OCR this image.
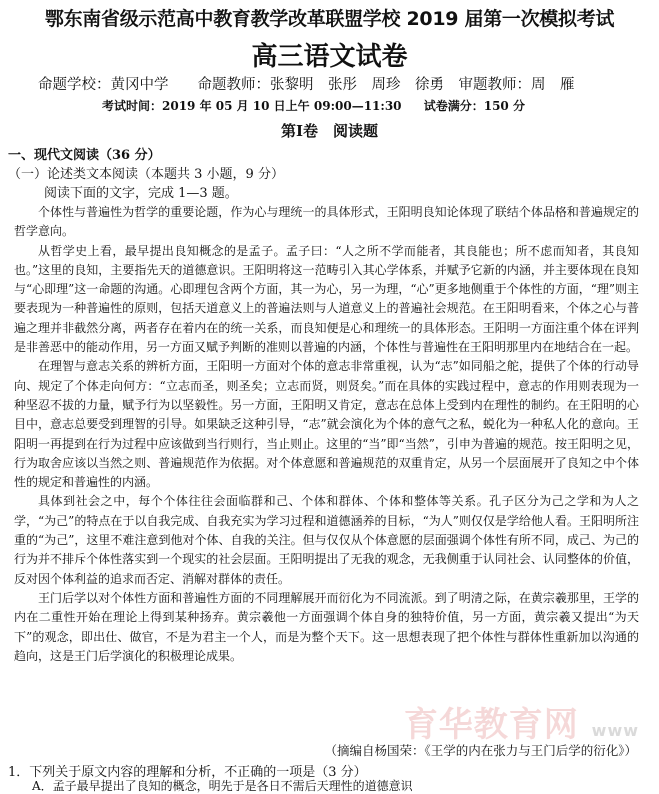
鄂东南省级示范高中教育教学改革联盟学校 2019 届第一次模拟考试
高三语文试卷
命题学校：黄冈中学　　命题教师：张黎明　张彤　周珍　徐勇　审题教师：周　雁
考试时间：2019 年 05 月 10 日上午 09:00—11:30 试卷满分：150 分
第Ⅰ卷　阅读题
一、现代文阅读（36 分）
（一）论述类文本阅读（本题共 3 小题，9 分）
阅读下面的文字，完成 1—3 题。

个体性与普遍性为哲学的重要论题，作为心与理统一的具体形式，王阳明良知论体现了联结个体品格和普遍规定的哲学意向。

从哲学史上看，最早提出良知概念的是孟子。孟子曰：“人之所不学而能者，其良能也；所不虑而知者，其良知也。”这里的良知，主要指先天的道德意识。王阳明将这一范畴引入其心学体系，并赋予它新的内涵，并主要体现在良知与“心即理”这一命题的沟通。心即理包含两个方面，其一为心，另一为理，“心”更多地侧重于个体性的方面，“理”则主要表现为一种普遍性的原则，包括天道意义上的普遍法则与人道意义上的普遍社会规范。在王阳明看来，个体之心与普遍之理并非截然分离，两者存在着内在的统一关系，而良知便是心和理统一的具体形态。王阳明一方面注重个体在评判是非善恶中的能动作用，另一方面又赋予判断的准则以普遍的内涵，个体性与普遍性在王阳明那里内在地结合在一起。

在理智与意志关系的辨析方面，王阳明一方面对个体的意志非常重视，认为“志”如同船之舵，提供了个体的行动导向、规定了个体走向何方：“立志而圣，则圣矣；立志而贤，则贤矣。”而在具体的实践过程中，意志的作用则表现为一种坚忍不拔的力量，赋予行为以坚毅性。另一方面，王阳明又肯定，意志在总体上受到内在理性的制约。在王阳明的心目中，意志总要受到理智的引导。如果缺乏这种引导，“志”就会演化为个体的意气之私，蜕化为一种私人化的意向。王阳明一再提到在行为过程中应该做到当行则行，当止则止。这里的“当”即“当然”，引申为普遍的规范。按王阳明之见，行为取舍应该以当然之则、普遍规范作为依据。对个体意愿和普遍规范的双重肯定，从另一个层面展开了良知之中个体性的规定和普遍性的内涵。

具体到社会之中，每个个体往往会面临群和己、个体和群体、个体和整体等关系。孔子区分为己之学和为人之学，“为己”的特点在于以自我完成、自我充实为学习过程和道德涵养的目标，“为人”则仅仅是学给他人看。王阳明所注重的“为己”，这里不难注意到他对个体、自我的关注。但与仅仅从个体意愿的层面强调个体性有所不同，成己、为己的行为并不排斥个体性落实到一个现实的社会层面。王阳明提出了无我的观念，无我侧重于认同社会、认同整体的价值，反对因个体利益的追求而否定、消解对群体的责任。

王门后学以对个体性方面和普遍性方面的不同理解展开而衍化为不同流派。到了明清之际，在黄宗羲那里，王学的内在二重性开始在理论上得到某种扬弃。黄宗羲他一方面强调个体自身的独特价值，另一方面，黄宗羲又提出“为天下”的观念，即出仕、做官，不是为君主一个人，而是为整个天下。这一思想表现了把个体性与群体性重新加以沟通的趋向，这是王门后学演化的积极理论成果。

育华教育网 www
（摘编自杨国荣：《王学的内在张力与王门后学的衍化》）
1．下列关于原文内容的理解和分析，不正确的一项是（3 分）
A．孟子最早提出了良知的概念，明先于是各日不需后天理性的道德意识
